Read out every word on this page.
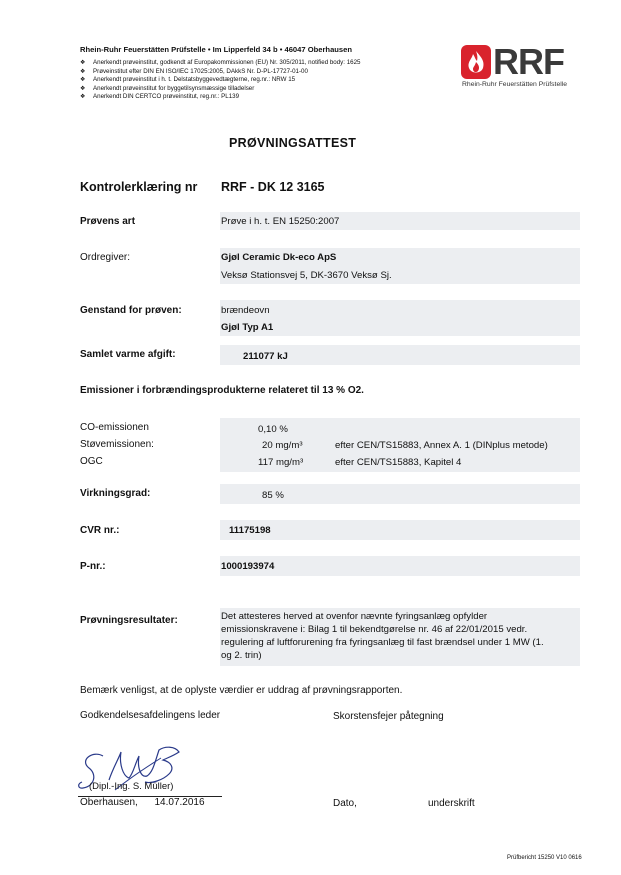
Rhein-Ruhr Feuerstätten Prüfstelle • Im Lipperfeld 34 b • 46047 Oberhausen
❖ Anerkendt prøveinstitut, godkendt af Europakommissionen (EU) Nr. 305/2011, notified body: 1625
❖ Prøveinstitut efter DIN EN ISO/IEC 17025:2005, DAkkS Nr. D-PL-17727-01-00
❖ Anerkendt prøveinstitut i h. t. Delstatsbyggevedtægterne, reg.nr.: NRW 15
❖ Anerkendt prøveinstitut for byggetilsynsmæssige tilladelser
❖ Anerkendt DIN CERTCO prøveinstitut, reg.nr.: PL139
RRF
Rhein-Ruhr Feuerstätten Prüfstelle
PRØVNINGSATTEST
Kontrolerklæring nr RRF - DK 12 3165
Prøvens art	Prøve i h. t. EN 15250:2007
Ordregiver:	Gjøl Ceramic Dk-eco ApS
Veksø Stationsvej 5, DK-3670 Veksø Sj.
Genstand for prøven:	brændeovn
Gjøl Typ A1
Samlet varme afgift:	211077 kJ
Emissioner i forbrændingsprodukterne relateret til 13 % O2.
CO-emissionen	0,10 %
Støvemissionen:	20 mg/m³	efter CEN/TS15883, Annex A. 1 (DINplus metode)
OGC	117 mg/m³	efter CEN/TS15883, Kapitel 4
Virkningsgrad:	85 %
CVR nr.:	11175198
P-nr.:	1000193974
Prøvningsresultater:	Det attesteres herved at ovenfor nævnte fyringsanlæg opfylder
emissionskravene i: Bilag 1 til bekendtgørelse nr. 46 af 22/01/2015 vedr.
regulering af luftforurening fra fyringsanlæg til fast brændsel under 1 MW (1.
og 2. trin)
Bemærk venligst, at de oplyste værdier er uddrag af prøvningsrapporten.
Godkendelsesafdelingens leder	Skorstensfejer påtegning
(Dipl.-Ing. S. Müller)
Oberhausen,      14.07.2016	Dato,	underskrift
Prüfbericht 15250 V10 0616
